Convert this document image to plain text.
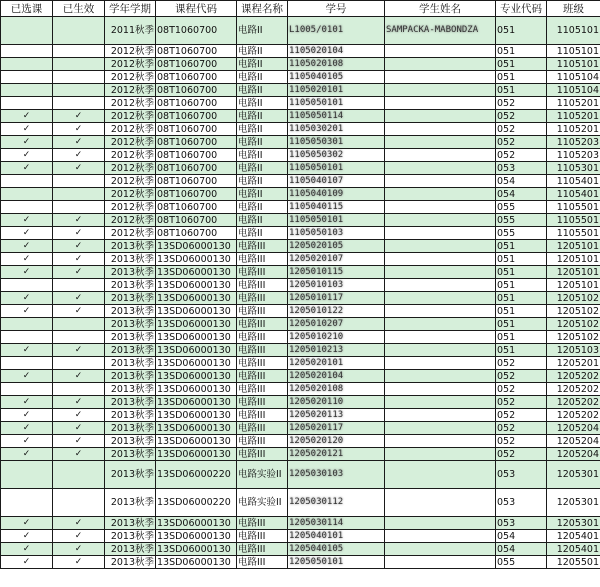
已选课	已生效	学年学期	课程代码	课程名称	学号	学生姓名	专业代码	班级
		2011秋季	08T1060700	电路II	L1005/0101	SAMPACKA-MABONDZA	051	1105101
		2012秋季	08T1060700	电路II	1105020104		051	1105101
		2012秋季	08T1060700	电路II	1105020108		051	1105101
		2012秋季	08T1060700	电路II	1105040105		051	1105104
		2012秋季	08T1060700	电路II	1105020101		051	1105104
		2012秋季	08T1060700	电路II	1105050101		052	1105201
✓	✓	2012秋季	08T1060700	电路II	1105050114		052	1105201
✓	✓	2012秋季	08T1060700	电路II	1105030201		052	1105201
✓	✓	2012秋季	08T1060700	电路II	1105050301		052	1105203
✓	✓	2012秋季	08T1060700	电路II	1105050302		052	1105203
✓	✓	2012秋季	08T1060700	电路II	1105050101		053	1105301
		2012秋季	08T1060700	电路II	1105040107		054	1105401
		2012秋季	08T1060700	电路II	1105040109		054	1105401
		2012秋季	08T1060700	电路II	1105040115		055	1105501
✓	✓	2012秋季	08T1060700	电路II	1105050101		055	1105501
✓	✓	2012秋季	08T1060700	电路II	1105050103		055	1105501
✓	✓	2013秋季	13SD06000130	电路III	1205020105		051	1205101
✓	✓	2013秋季	13SD06000130	电路III	1205020107		051	1205101
✓	✓	2013秋季	13SD06000130	电路III	1205010115		051	1205101
		2013秋季	13SD06000130	电路III	1205010103		051	1205101
✓	✓	2013秋季	13SD06000130	电路III	1205010117		051	1205102
✓	✓	2013秋季	13SD06000130	电路III	1205010122		051	1205102
		2013秋季	13SD06000130	电路III	1205010207		051	1205102
		2013秋季	13SD06000130	电路III	1205010210		051	1205102
✓	✓	2013秋季	13SD06000130	电路III	1205010213		051	1205103
		2013秋季	13SD06000130	电路III	1205020101		052	1205201
✓	✓	2013秋季	13SD06000130	电路III	1205020104		052	1205202
		2013秋季	13SD06000130	电路III	1205020108		052	1205202
✓	✓	2013秋季	13SD06000130	电路III	1205020110		052	1205202
✓	✓	2013秋季	13SD06000130	电路III	1205020113		052	1205202
✓	✓	2013秋季	13SD06000130	电路III	1205020117		052	1205204
✓	✓	2013秋季	13SD06000130	电路III	1205020120		052	1205204
✓	✓	2013秋季	13SD06000130	电路III	1205020121		052	1205204
		2013秋季	13SD06000220	电路实验II	1205030103		053	1205301
		2013秋季	13SD06000220	电路实验II	1205030112		053	1205301
✓	✓	2013秋季	13SD06000130	电路III	1205030114		053	1205301
✓	✓	2013秋季	13SD06000130	电路III	1205040101		054	1205401
✓	✓	2013秋季	13SD06000130	电路III	1205040105		054	1205401
✓	✓	2013秋季	13SD06000130	电路III	1205050101		055	1205501
